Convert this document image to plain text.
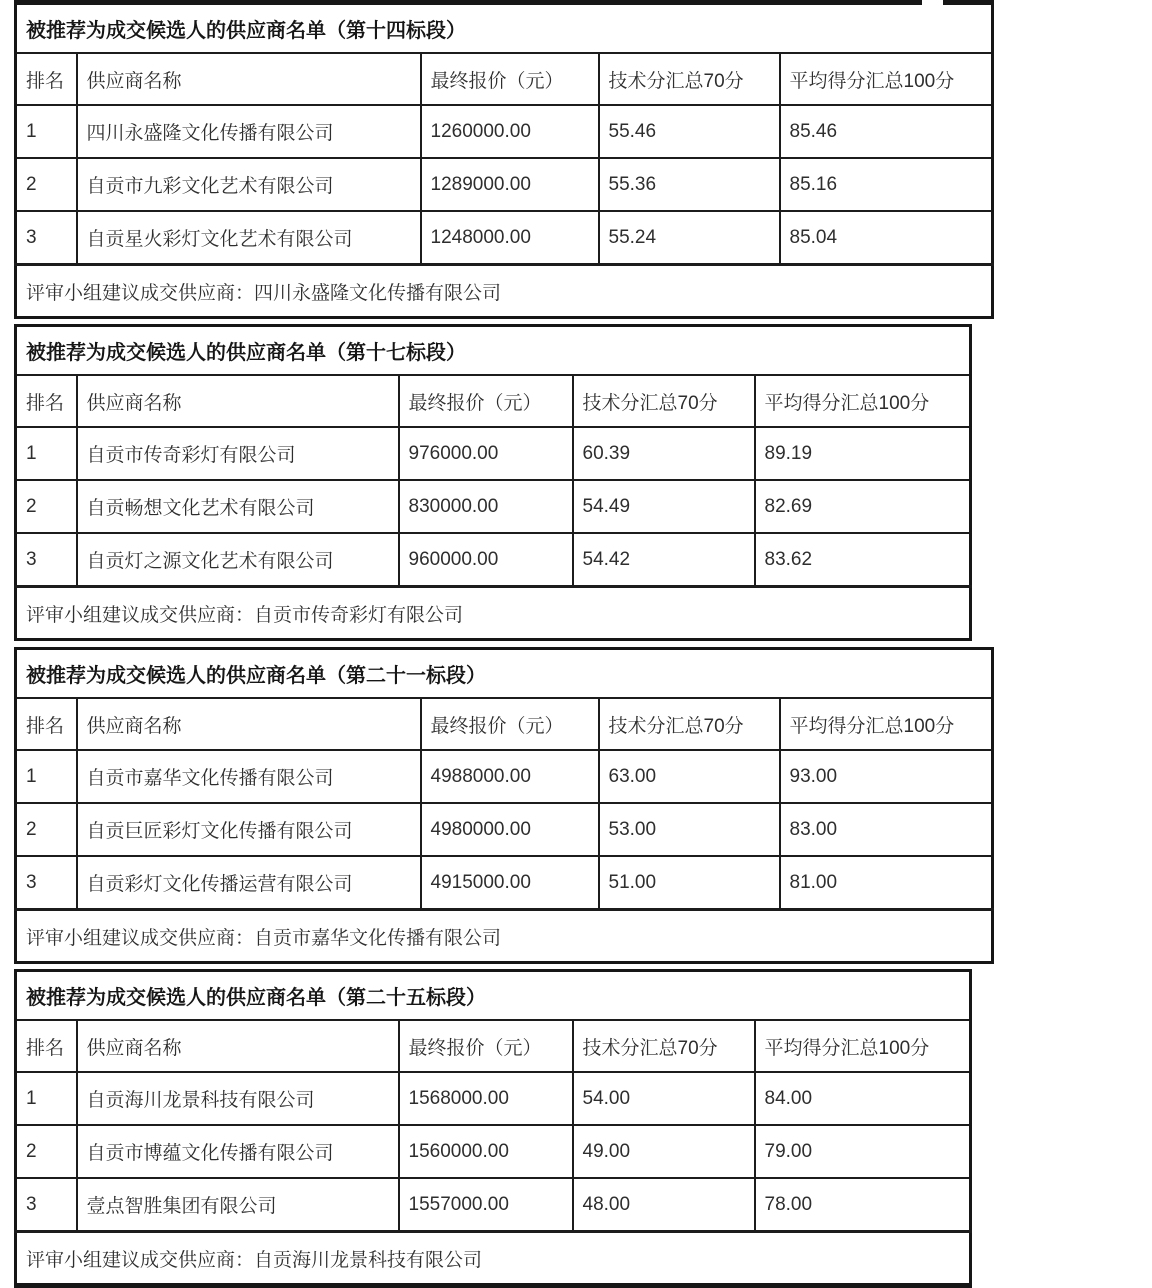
被推荐为成交候选人的供应商名单（第十四标段）				
排名	供应商名称	最终报价（元）	技术分汇总70分	平均得分汇总100分
1	四川永盛隆文化传播有限公司	1260000.00	55.46	85.46
2	自贡市九彩文化艺术有限公司	1289000.00	55.36	85.16
3	自贡星火彩灯文化艺术有限公司	1248000.00	55.24	85.04
评审小组建议成交供应商：四川永盛隆文化传播有限公司				
被推荐为成交候选人的供应商名单（第十七标段）				
排名	供应商名称	最终报价（元）	技术分汇总70分	平均得分汇总100分
1	自贡市传奇彩灯有限公司	976000.00	60.39	89.19
2	自贡畅想文化艺术有限公司	830000.00	54.49	82.69
3	自贡灯之源文化艺术有限公司	960000.00	54.42	83.62
评审小组建议成交供应商：自贡市传奇彩灯有限公司				
被推荐为成交候选人的供应商名单（第二十一标段）				
排名	供应商名称	最终报价（元）	技术分汇总70分	平均得分汇总100分
1	自贡市嘉华文化传播有限公司	4988000.00	63.00	93.00
2	自贡巨匠彩灯文化传播有限公司	4980000.00	53.00	83.00
3	自贡彩灯文化传播运营有限公司	4915000.00	51.00	81.00
评审小组建议成交供应商：自贡市嘉华文化传播有限公司				
被推荐为成交候选人的供应商名单（第二十五标段）				
排名	供应商名称	最终报价（元）	技术分汇总70分	平均得分汇总100分
1	自贡海川龙景科技有限公司	1568000.00	54.00	84.00
2	自贡市博蕴文化传播有限公司	1560000.00	49.00	79.00
3	壹点智胜集团有限公司	1557000.00	48.00	78.00
评审小组建议成交供应商：自贡海川龙景科技有限公司				
